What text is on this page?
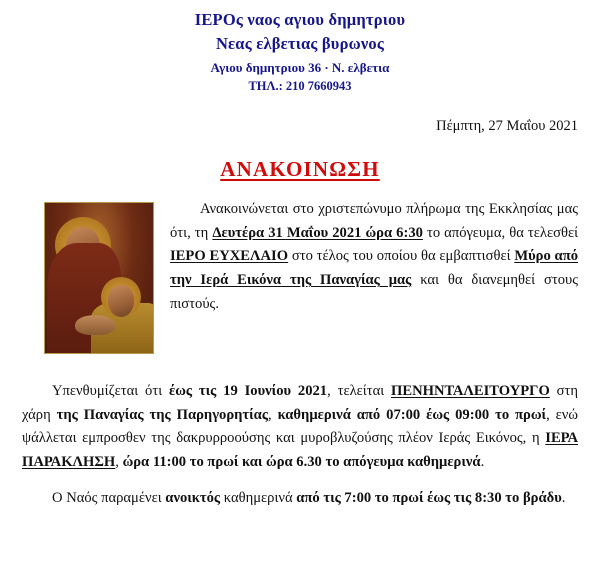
ΙΕΡΟς ναος αγιου δημητριου
Νεας ελβετιας βυρωνος
Αγιου δημητριου 36 · Ν. ελβετια
ΤΗΛ.: 210 7660943
Πέμπτη, 27 Μαΐου 2021
ΑΝΑΚΟΙΝΩΣΗ

Ανακοινώνεται στο χριστεπώνυμο πλήρωμα της Εκκλησίας μας ότι, τη Δευτέρα 31 Μαΐου 2021 ώρα 6:30 το απόγευμα, θα τελεσθεί ΙΕΡΟ ΕΥΧΕΛΑΙΟ στο τέλος του οποίου θα εμβαπτισθεί Μύρο από την Ιερά Εικόνα της Παναγίας μας και θα διανεμηθεί στους πιστούς.

Υπενθυμίζεται ότι έως τις 19 Ιουνίου 2021, τελείται ΠΕΝΗΝΤΑΛΕΙΤΟΥΡΓΟ στη χάρη της Παναγίας της Παρηγορητίας, καθημερινά από 07:00 έως 09:00 το πρωί, ενώ ψάλλεται εμπροσθεν της δακρυρροούσης και μυροβλυζούσης πλέον Ιεράς Εικόνος, η ΙΕΡΑ ΠΑΡΑΚΛΗΣΗ, ώρα 11:00 το πρωί και ώρα 6.30 το απόγευμα καθημερινά.

Ο Ναός παραμένει ανοικτός καθημερινά από τις 7:00 το πρωί έως τις 8:30 το βράδυ.
